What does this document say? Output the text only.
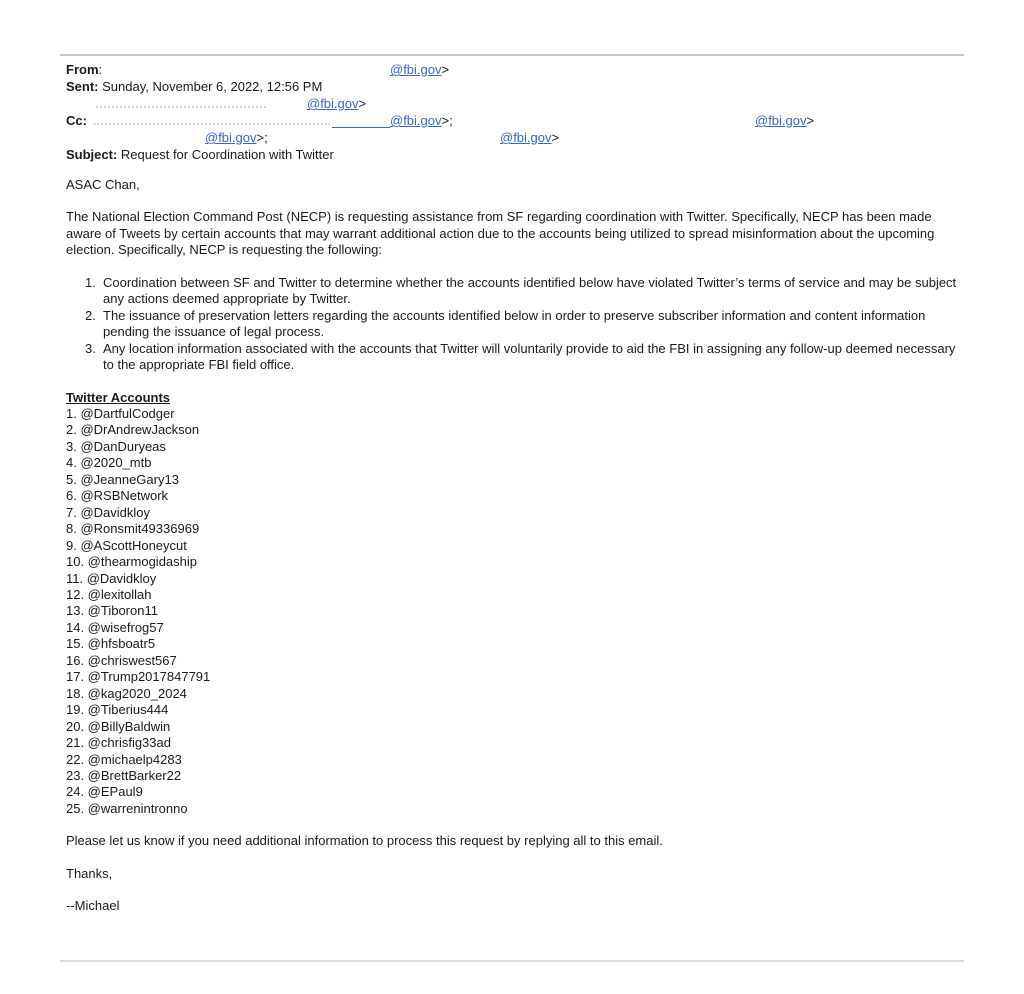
From:	@fbi.gov>
Sent: Sunday, November 6, 2022, 12:56 PM
@fbi.gov>
Cc:	@fbi.gov>;	@fbi.gov>
@fbi.gov>;	@fbi.gov>
Subject: Request for Coordination with Twitter

ASAC Chan,

The National Election Command Post (NECP) is requesting assistance from SF regarding coordination with Twitter. Specifically, NECP has been made aware of Tweets by certain accounts that may warrant additional action due to the accounts being utilized to spread misinformation about the upcoming election. Specifically, NECP is requesting the following:

1. Coordination between SF and Twitter to determine whether the accounts identified below have violated Twitter’s terms of service and may be subject any actions deemed appropriate by Twitter.
2. The issuance of preservation letters regarding the accounts identified below in order to preserve subscriber information and content information pending the issuance of legal process.
3. Any location information associated with the accounts that Twitter will voluntarily provide to aid the FBI in assigning any follow-up deemed necessary to the appropriate FBI field office.
Twitter Accounts
1. @DartfulCodger
2. @DrAndrewJackson
3. @DanDuryeas
4. @2020_mtb
5. @JeanneGary13
6. @RSBNetwork
7. @Davidkloy
8. @Ronsmit49336969
9. @AScottHoneycut
10. @thearmogidaship
11. @Davidkloy
12. @lexitollah
13. @Tiboron11
14. @wisefrog57
15. @hfsboatr5
16. @chriswest567
17. @Trump2017847791
18. @kag2020_2024
19. @Tiberius444
20. @BillyBaldwin
21. @chrisfig33ad
22. @michaelp4283
23. @BrettBarker22
24. @EPaul9
25. @warrenintronno

Please let us know if you need additional information to process this request by replying all to this email.

Thanks,

--Michael
